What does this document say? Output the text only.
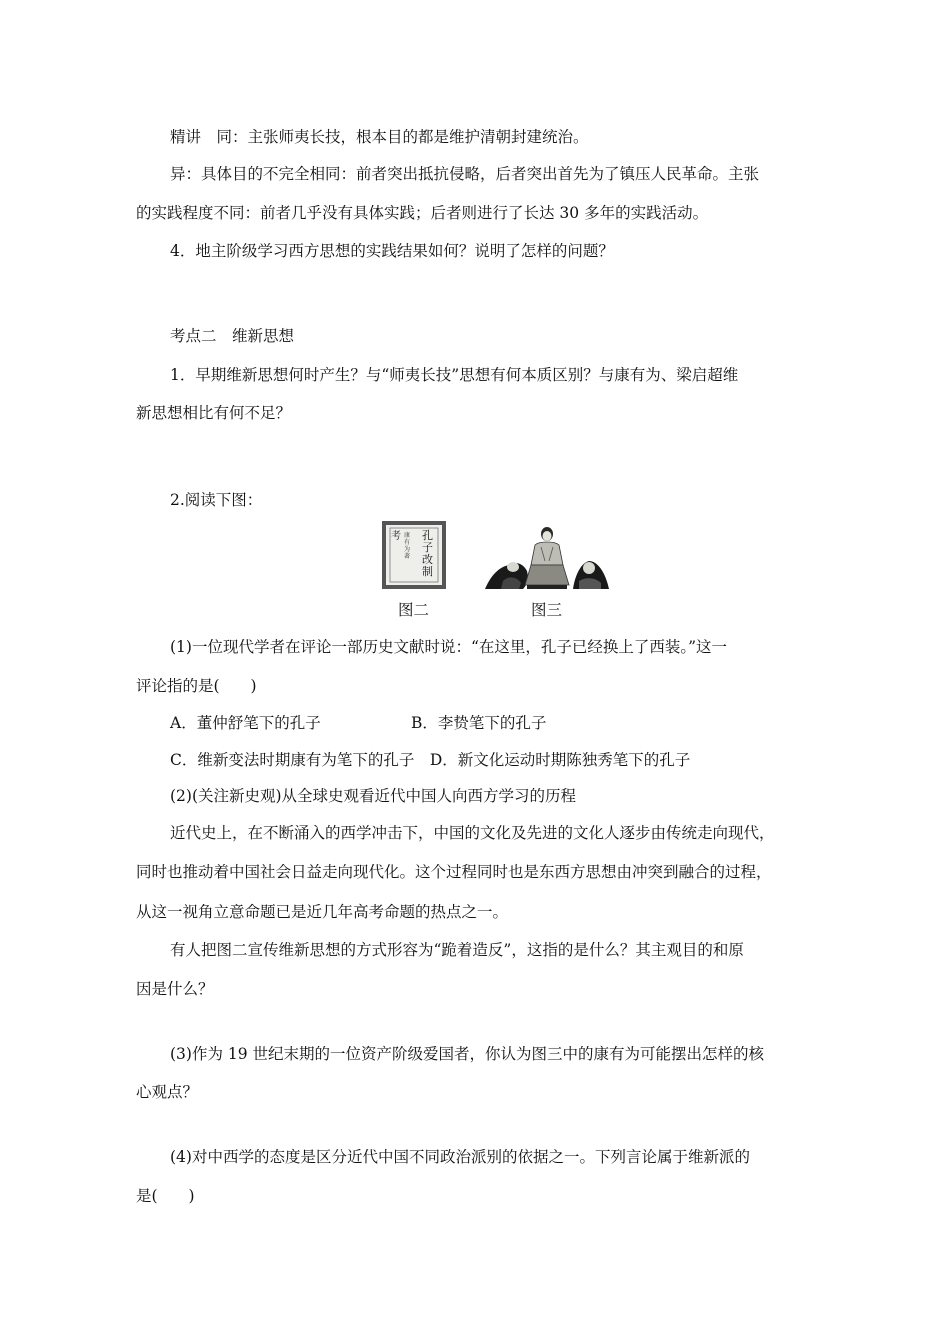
精讲　同：主张师夷长技，根本目的都是维护清朝封建统治。
异：具体目的不完全相同：前者突出抵抗侵略，后者突出首先为了镇压人民革命。主张
的实践程度不同：前者几乎没有具体实践；后者则进行了长达 30 多年的实践活动。
4．地主阶级学习西方思想的实践结果如何？说明了怎样的问题？
考点二　维新思想
1．早期维新思想何时产生？与“师夷长技”思想有何本质区别？与康有为、梁启超维
新思想相比有何不足？
2.阅读下图：
考 康有为著
孔子改制
图二	图三
(1)一位现代学者在评论一部历史文献时说：“在这里，孔子已经换上了西装。”这一
评论指的是(　　)
A．董仲舒笔下的孔子	B．李贽笔下的孔子
C．维新变法时期康有为笔下的孔子　D．新文化运动时期陈独秀笔下的孔子
(2)(关注新史观)从全球史观看近代中国人向西方学习的历程
近代史上，在不断涌入的西学冲击下，中国的文化及先进的文化人逐步由传统走向现代，
同时也推动着中国社会日益走向现代化。这个过程同时也是东西方思想由冲突到融合的过程，
从这一视角立意命题已是近几年高考命题的热点之一。
有人把图二宣传维新思想的方式形容为“跪着造反”，这指的是什么？其主观目的和原
因是什么？
(3)作为 19 世纪末期的一位资产阶级爱国者，你认为图三中的康有为可能摆出怎样的核
心观点？
(4)对中西学的态度是区分近代中国不同政治派别的依据之一。下列言论属于维新派的
是(　　)
